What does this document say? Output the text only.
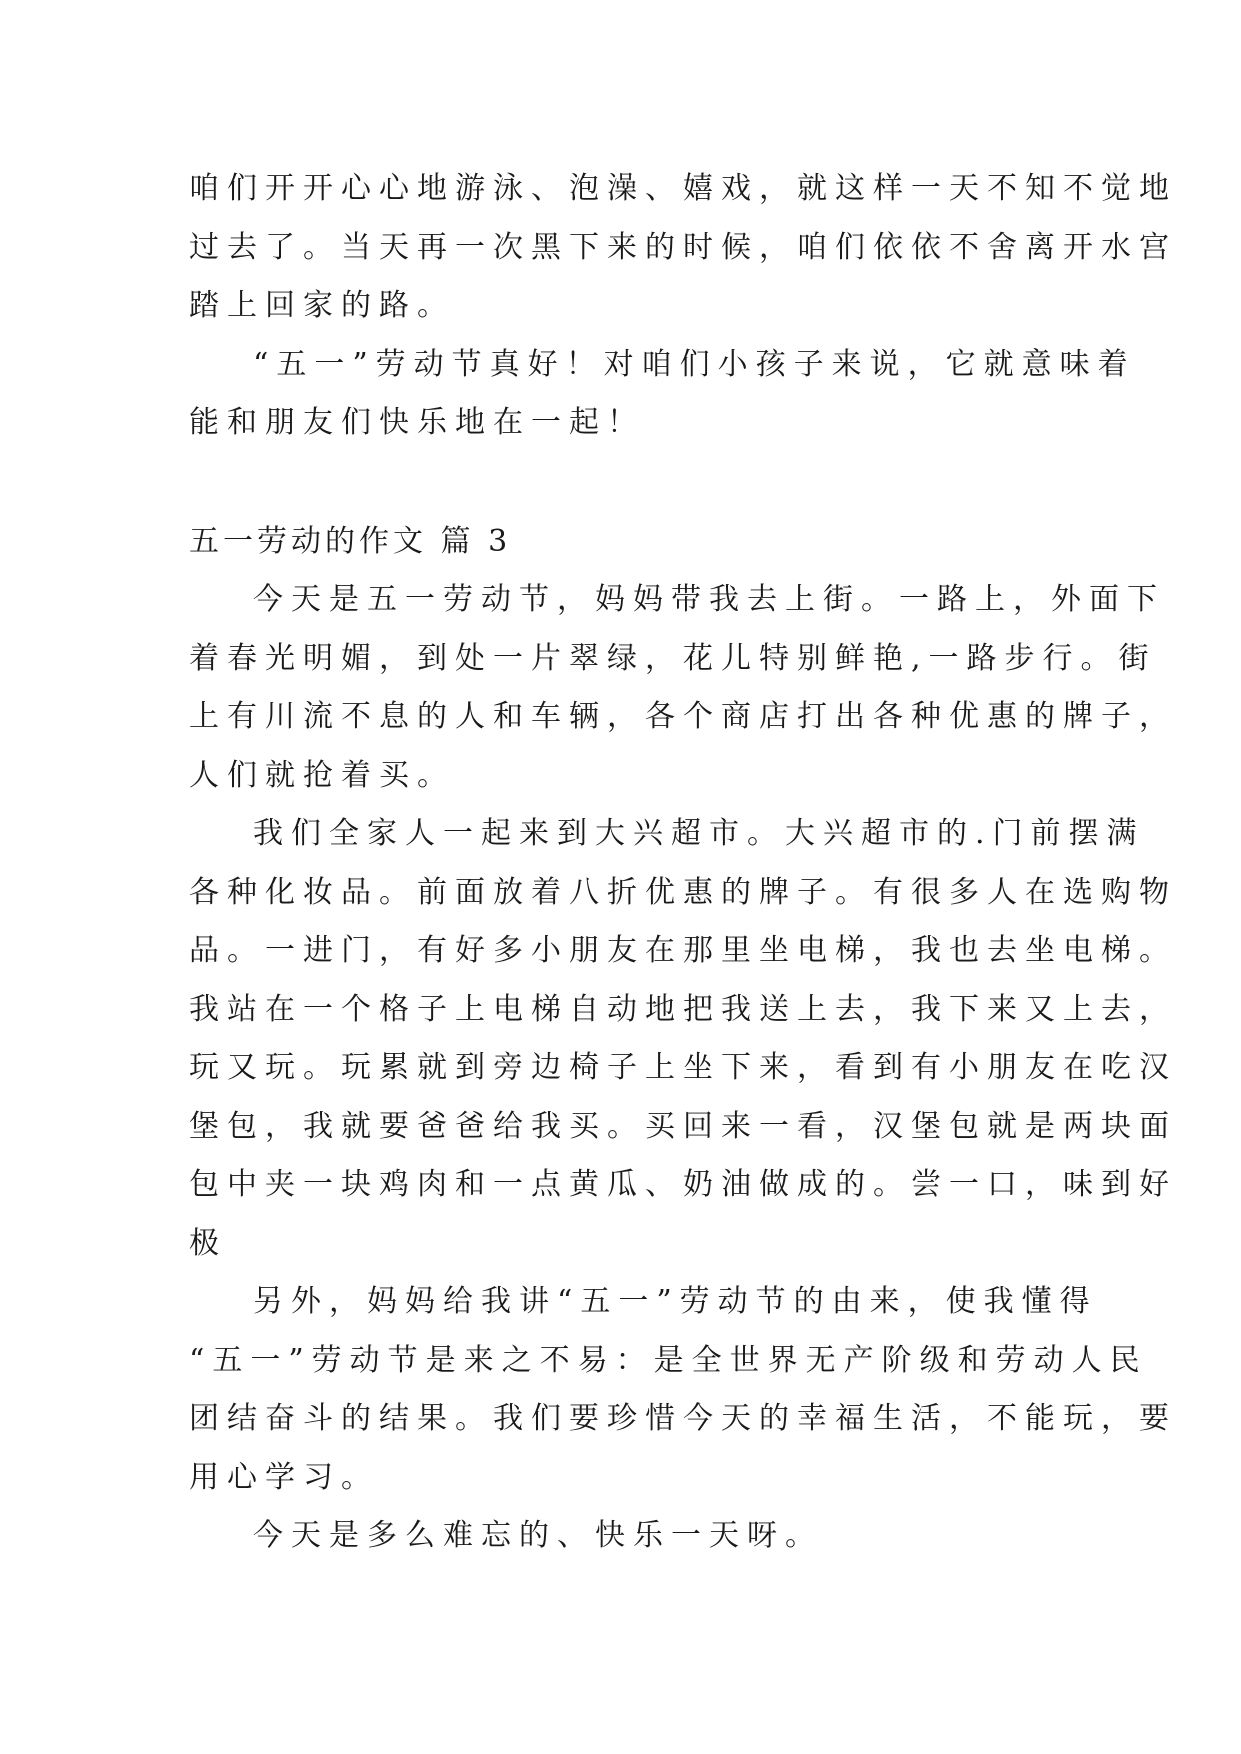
咱们开开心心地游泳、泡澡、嬉戏，就这样一天不知不觉地
过去了。当天再一次黑下来的时候，咱们依依不舍离开水宫
踏上回家的路。
“五一”劳动节真好！对咱们小孩子来说，它就意味着
能和朋友们快乐地在一起！
五一劳动的作文 篇 3
今天是五一劳动节，妈妈带我去上街。一路上，外面下
着春光明媚，到处一片翠绿，花儿特别鲜艳,一路步行。街
上有川流不息的人和车辆，各个商店打出各种优惠的牌子，
人们就抢着买。
我们全家人一起来到大兴超市。大兴超市的.门前摆满
各种化妆品。前面放着八折优惠的牌子。有很多人在选购物
品。一进门，有好多小朋友在那里坐电梯，我也去坐电梯。
我站在一个格子上电梯自动地把我送上去，我下来又上去，
玩又玩。玩累就到旁边椅子上坐下来，看到有小朋友在吃汉
堡包，我就要爸爸给我买。买回来一看，汉堡包就是两块面
包中夹一块鸡肉和一点黄瓜、奶油做成的。尝一口，味到好
极
另外，妈妈给我讲“五一”劳动节的由来，使我懂得
“五一”劳动节是来之不易：是全世界无产阶级和劳动人民
团结奋斗的结果。我们要珍惜今天的幸福生活，不能玩，要
用心学习。
今天是多么难忘的、快乐一天呀。
